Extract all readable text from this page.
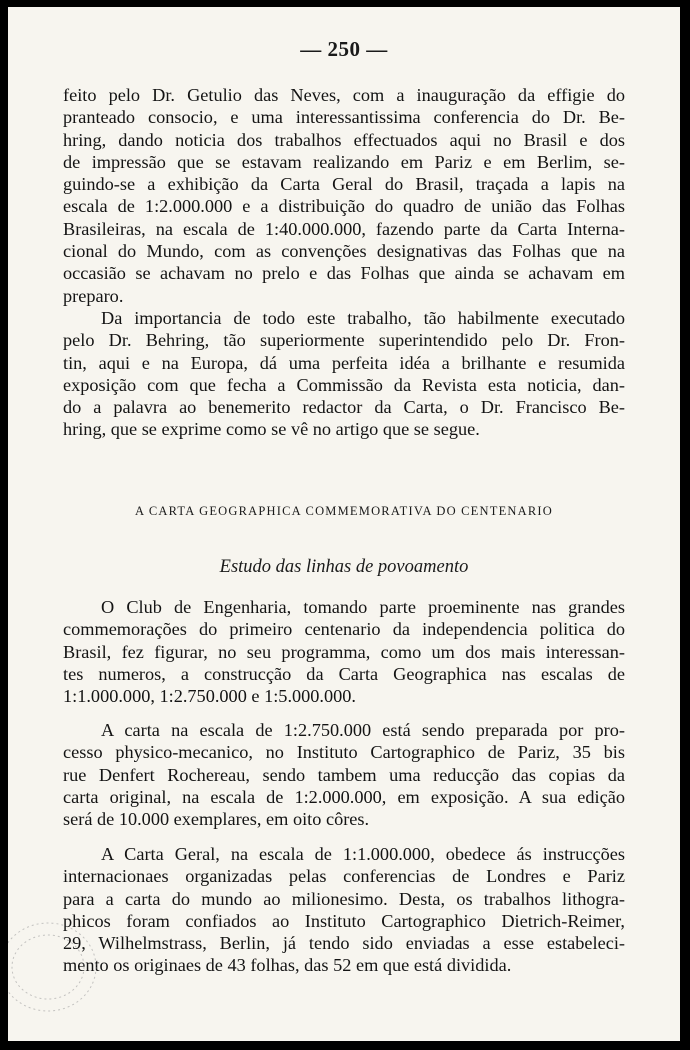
— 250 —
feito pelo Dr. Getulio das Neves, com a inauguração da effigie do
pranteado consocio, e uma interessantissima conferencia do Dr. Be-
hring, dando noticia dos trabalhos effectuados aqui no Brasil e dos
de impressão que se estavam realizando em Pariz e em Berlim, se-
guindo-se a exhibição da Carta Geral do Brasil, traçada a lapis na
escala de 1:2.000.000 e a distribuição do quadro de união das Folhas
Brasileiras, na escala de 1:40.000.000, fazendo parte da Carta Interna-
cional do Mundo, com as convenções designativas das Folhas que na
occasião se achavam no prelo e das Folhas que ainda se achavam em
preparo.
Da importancia de todo este trabalho, tão habilmente executado
pelo Dr. Behring, tão superiormente superintendido pelo Dr. Fron-
tin, aqui e na Europa, dá uma perfeita idéa a brilhante e resumida
exposição com que fecha a Commissão da Revista esta noticia, dan-
do a palavra ao benemerito redactor da Carta, o Dr. Francisco Be-
hring, que se exprime como se vê no artigo que se segue.
A CARTA GEOGRAPHICA COMMEMORATIVA DO CENTENARIO
Estudo das linhas de povoamento
O Club de Engenharia, tomando parte proeminente nas grandes
commemorações do primeiro centenario da independencia politica do
Brasil, fez figurar, no seu programma, como um dos mais interessan-
tes numeros, a construcção da Carta Geographica nas escalas de
1:1.000.000, 1:2.750.000 e 1:5.000.000.
A carta na escala de 1:2.750.000 está sendo preparada por pro-
cesso physico-mecanico, no Instituto Cartographico de Pariz, 35 bis
rue Denfert Rochereau, sendo tambem uma reducção das copias da
carta original, na escala de 1:2.000.000, em exposição. A sua edição
será de 10.000 exemplares, em oito côres.
A Carta Geral, na escala de 1:1.000.000, obedece ás instrucções
internacionaes organizadas pelas conferencias de Londres e Pariz
para a carta do mundo ao milionesimo. Desta, os trabalhos lithogra-
phicos foram confiados ao Instituto Cartographico Dietrich-Reimer,
29, Wilhelmstrass, Berlin, já tendo sido enviadas a esse estabeleci-
mento os originaes de 43 folhas, das 52 em que está dividida.
